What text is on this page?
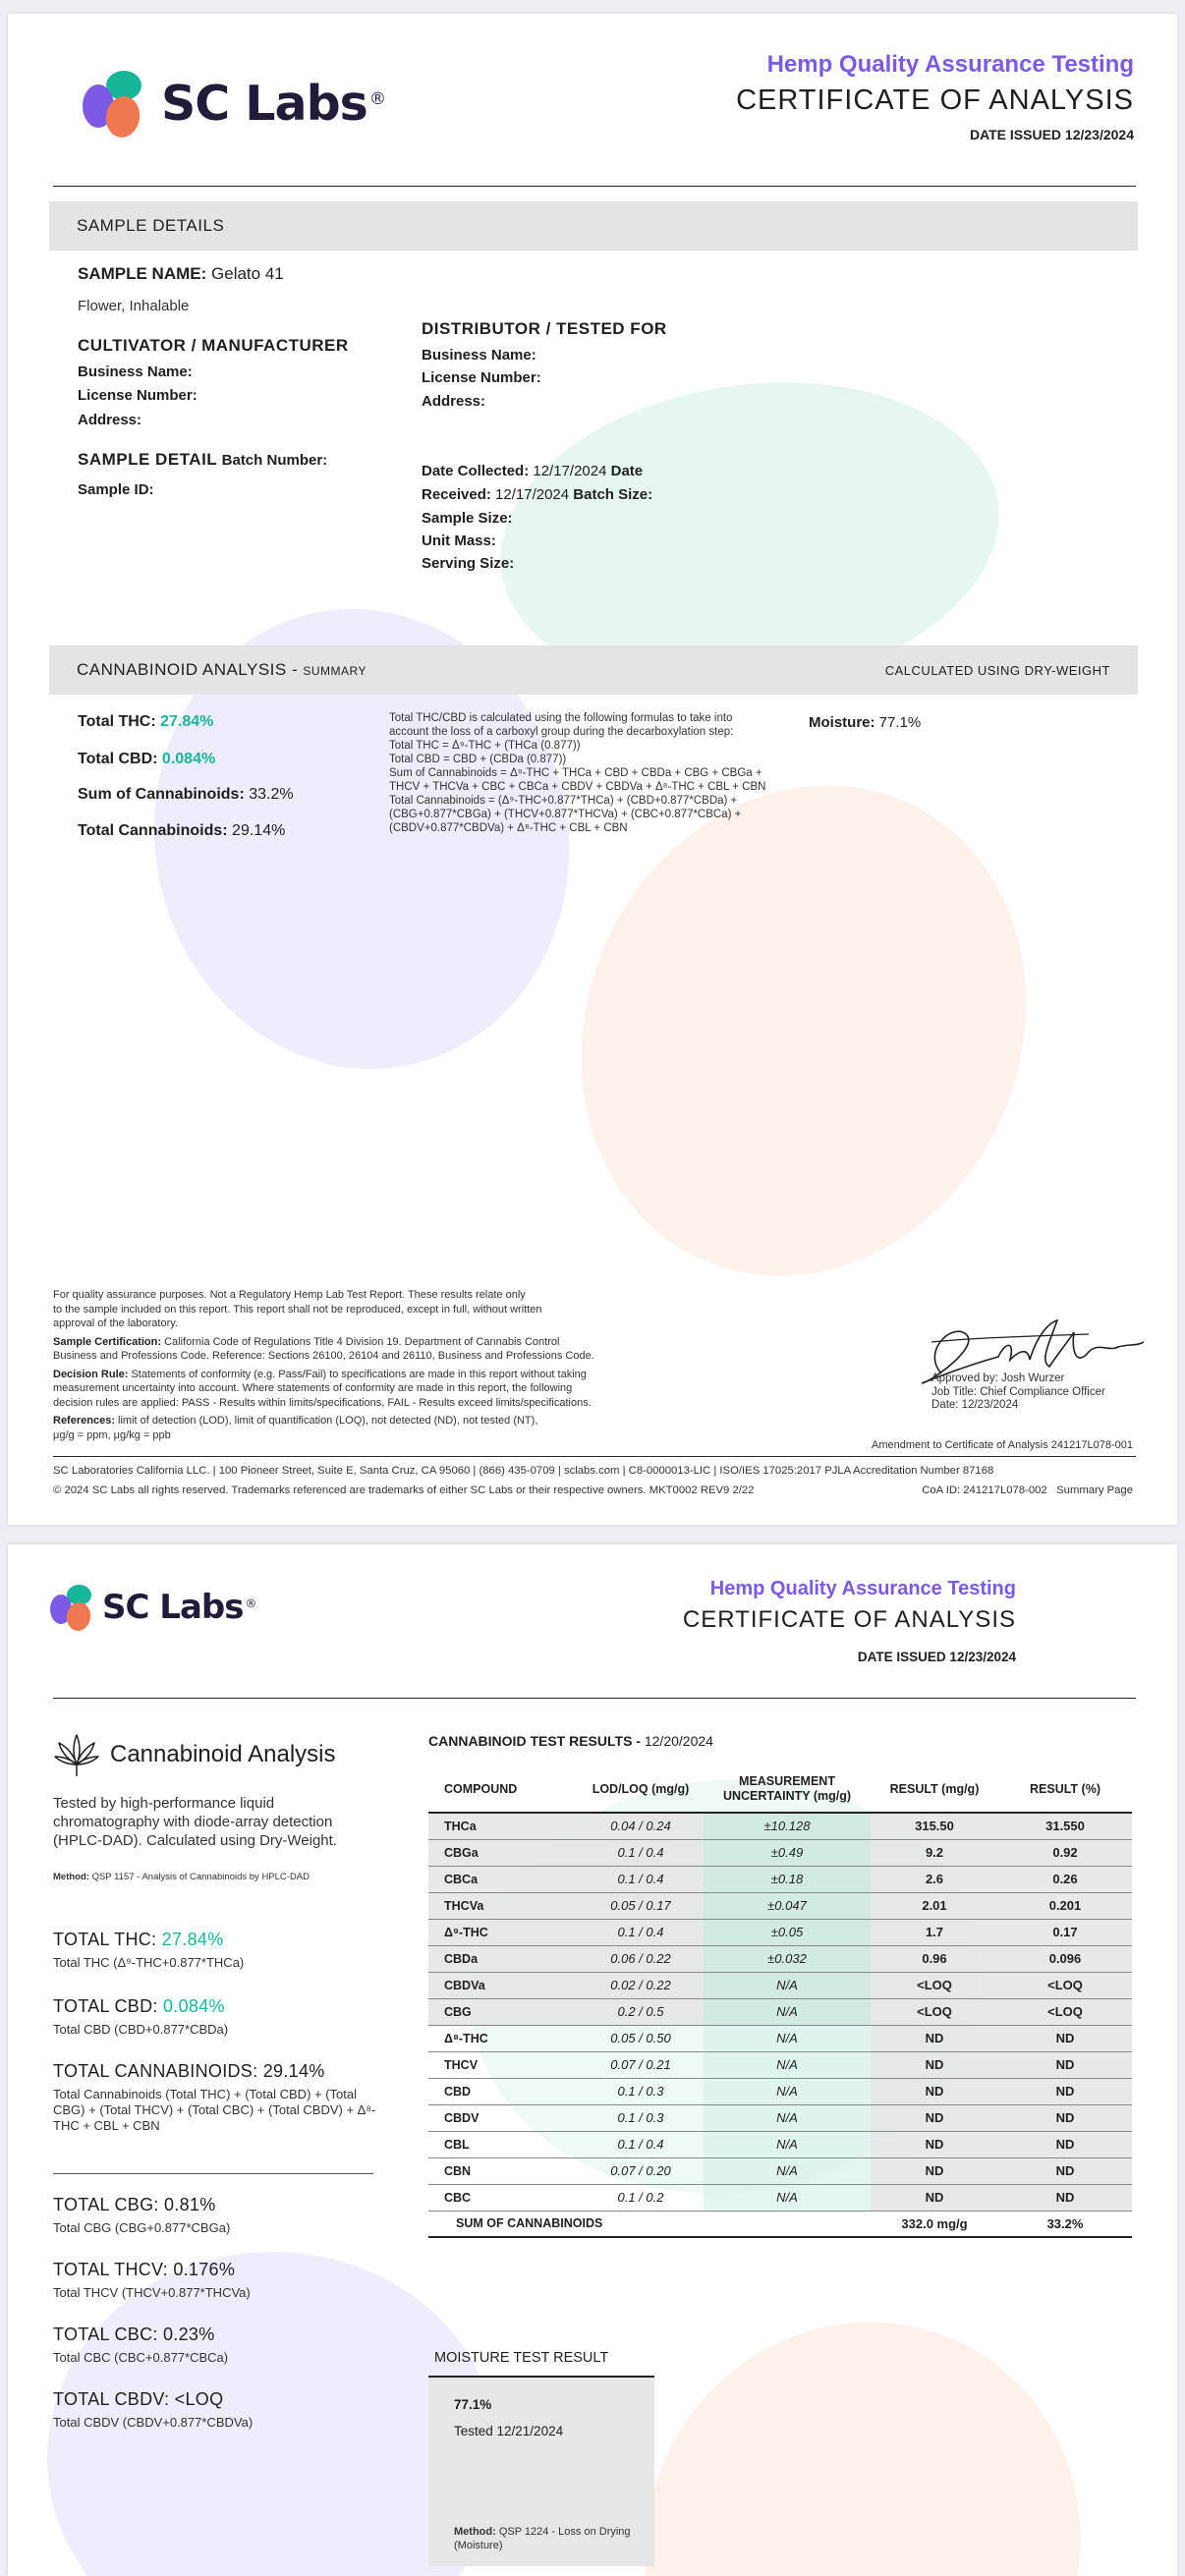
SC Labs ®
Hemp Quality Assurance Testing
CERTIFICATE OF ANALYSIS
DATE ISSUED 12/23/2024
SAMPLE DETAILS
SAMPLE NAME: Gelato 41
Flower, Inhalable
CULTIVATOR / MANUFACTURER
Business Name:
License Number:
Address:
SAMPLE DETAIL Batch Number:
Sample ID:
DISTRIBUTOR / TESTED FOR
Business Name:
License Number:
Address:
Date Collected: 12/17/2024 Date
Received: 12/17/2024 Batch Size:
Sample Size:
Unit Mass:
Serving Size:
CANNABINOID ANALYSIS - SUMMARY	CALCULATED USING DRY-WEIGHT
Total THC: 27.84%
Total CBD: 0.084%
Sum of Cannabinoids: 33.2%
Total Cannabinoids: 29.14%
Total THC/CBD is calculated using the following formulas to take into
account the loss of a carboxyl group during the decarboxylation step:
Total THC = Δ⁹-THC + (THCa (0.877))
Total CBD = CBD + (CBDa (0.877))
Sum of Cannabinoids = Δ⁹-THC + THCa + CBD + CBDa + CBG + CBGa +
THCV + THCVa + CBC + CBCa + CBDV + CBDVa + Δ⁸-THC + CBL + CBN
Total Cannabinoids = (Δ⁹-THC+0.877*THCa) + (CBD+0.877*CBDa) +
(CBG+0.877*CBGa) + (THCV+0.877*THCVa) + (CBC+0.877*CBCa) +
(CBDV+0.877*CBDVa) + Δ⁸-THC + CBL + CBN
Moisture: 77.1%
For quality assurance purposes. Not a Regulatory Hemp Lab Test Report. These results relate only
to the sample included on this report. This report shall not be reproduced, except in full, without written
approval of the laboratory.
Sample Certification: California Code of Regulations Title 4 Division 19. Department of Cannabis Control
Business and Professions Code. Reference: Sections 26100, 26104 and 26110, Business and Professions Code.
Decision Rule: Statements of conformity (e.g. Pass/Fail) to specifications are made in this report without taking
measurement uncertainty into account. Where statements of conformity are made in this report, the following
decision rules are applied: PASS - Results within limits/specifications, FAIL - Results exceed limits/specifications.
References: limit of detection (LOD), limit of quantification (LOQ), not detected (ND), not tested (NT),
μg/g = ppm, μg/kg = ppb
Approved by: Josh Wurzer
Job Title: Chief Compliance Officer
Date: 12/23/2024
Amendment to Certificate of Analysis 241217L078-001
SC Laboratories California LLC. | 100 Pioneer Street, Suite E, Santa Cruz, CA 95060 | (866) 435-0709 | sclabs.com | C8-0000013-LIC | ISO/IES 17025:2017 PJLA Accreditation Number 87168
© 2024 SC Labs all rights reserved. Trademarks referenced are trademarks of either SC Labs or their respective owners. MKT0002 REV9 2/22	CoA ID: 241217L078-002 Summary Page
SC Labs ®
Hemp Quality Assurance Testing
CERTIFICATE OF ANALYSIS
DATE ISSUED 12/23/2024
Cannabinoid Analysis
Tested by high-performance liquid
chromatography with diode-array detection
(HPLC-DAD). Calculated using Dry-Weight.
Method: QSP 1157 - Analysis of Cannabinoids by HPLC-DAD
TOTAL THC: 27.84%
Total THC (Δ⁹-THC+0.877*THCa)
TOTAL CBD: 0.084%
Total CBD (CBD+0.877*CBDa)
TOTAL CANNABINOIDS: 29.14%
Total Cannabinoids (Total THC) + (Total CBD) + (Total CBG) + (Total THCV) + (Total CBC) + (Total CBDV) + Δ⁸-THC + CBL + CBN
TOTAL CBG: 0.81%
Total CBG (CBG+0.877*CBGa)
TOTAL THCV: 0.176%
Total THCV (THCV+0.877*THCVa)
TOTAL CBC: 0.23%
Total CBC (CBC+0.877*CBCa)
TOTAL CBDV: <LOQ
Total CBDV (CBDV+0.877*CBDVa)
CANNABINOID TEST RESULTS - 12/20/2024
COMPOUND	LOD/LOQ (mg/g)	MEASUREMENT UNCERTAINTY (mg/g)	RESULT (mg/g)	RESULT (%)
THCa	0.04 / 0.24	±10.128	315.50	31.550
CBGa	0.1 / 0.4	±0.49	9.2	0.92
CBCa	0.1 / 0.4	±0.18	2.6	0.26
THCVa	0.05 / 0.17	±0.047	2.01	0.201
Δ⁹-THC	0.1 / 0.4	±0.05	1.7	0.17
CBDa	0.06 / 0.22	±0.032	0.96	0.096
CBDVa	0.02 / 0.22	N/A	<LOQ	<LOQ
CBG	0.2 / 0.5	N/A	<LOQ	<LOQ
Δ⁸-THC	0.05 / 0.50	N/A	ND	ND
THCV	0.07 / 0.21	N/A	ND	ND
CBD	0.1 / 0.3	N/A	ND	ND
CBDV	0.1 / 0.3	N/A	ND	ND
CBL	0.1 / 0.4	N/A	ND	ND
CBN	0.07 / 0.20	N/A	ND	ND
CBC	0.1 / 0.2	N/A	ND	ND
SUM OF CANNABINOIDS			332.0 mg/g	33.2%
MOISTURE TEST RESULT
77.1%
Tested 12/21/2024
Method: QSP 1224 - Loss on Drying (Moisture)
